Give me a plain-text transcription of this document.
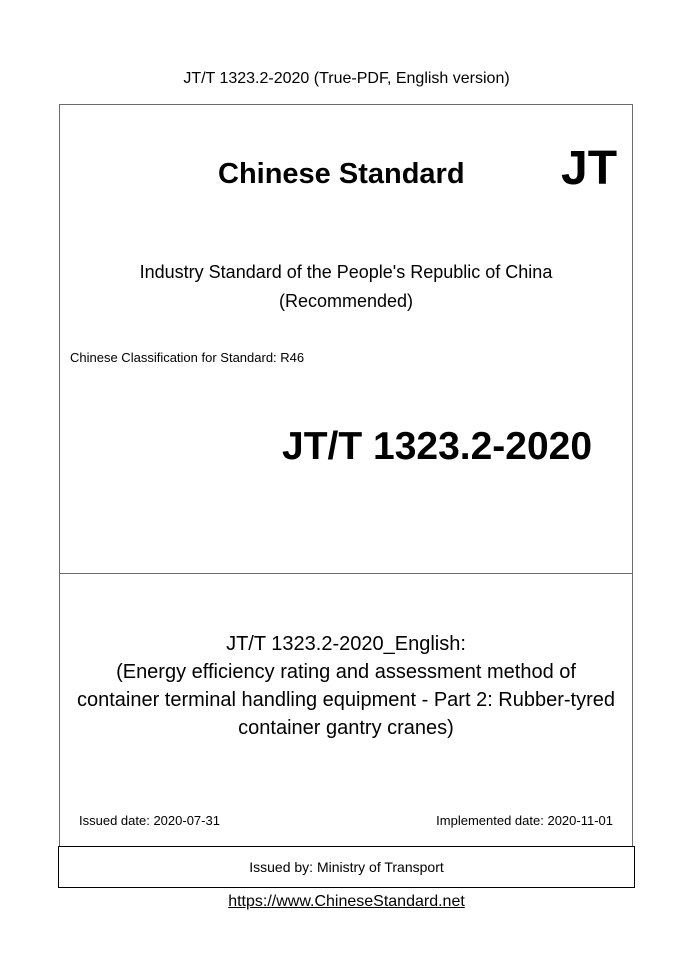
JT/T 1323.2-2020 (True-PDF, English version)
Chinese Standard JT
Industry Standard of the People's Republic of China
(Recommended)
Chinese Classification for Standard: R46
JT/T 1323.2-2020
JT/T 1323.2-2020_English:
(Energy efficiency rating and assessment method of
container terminal handling equipment - Part 2: Rubber-tyred
container gantry cranes)
Issued date: 2020-07-31	Implemented date: 2020-11-01
Issued by: Ministry of Transport
https://www.ChineseStandard.net
